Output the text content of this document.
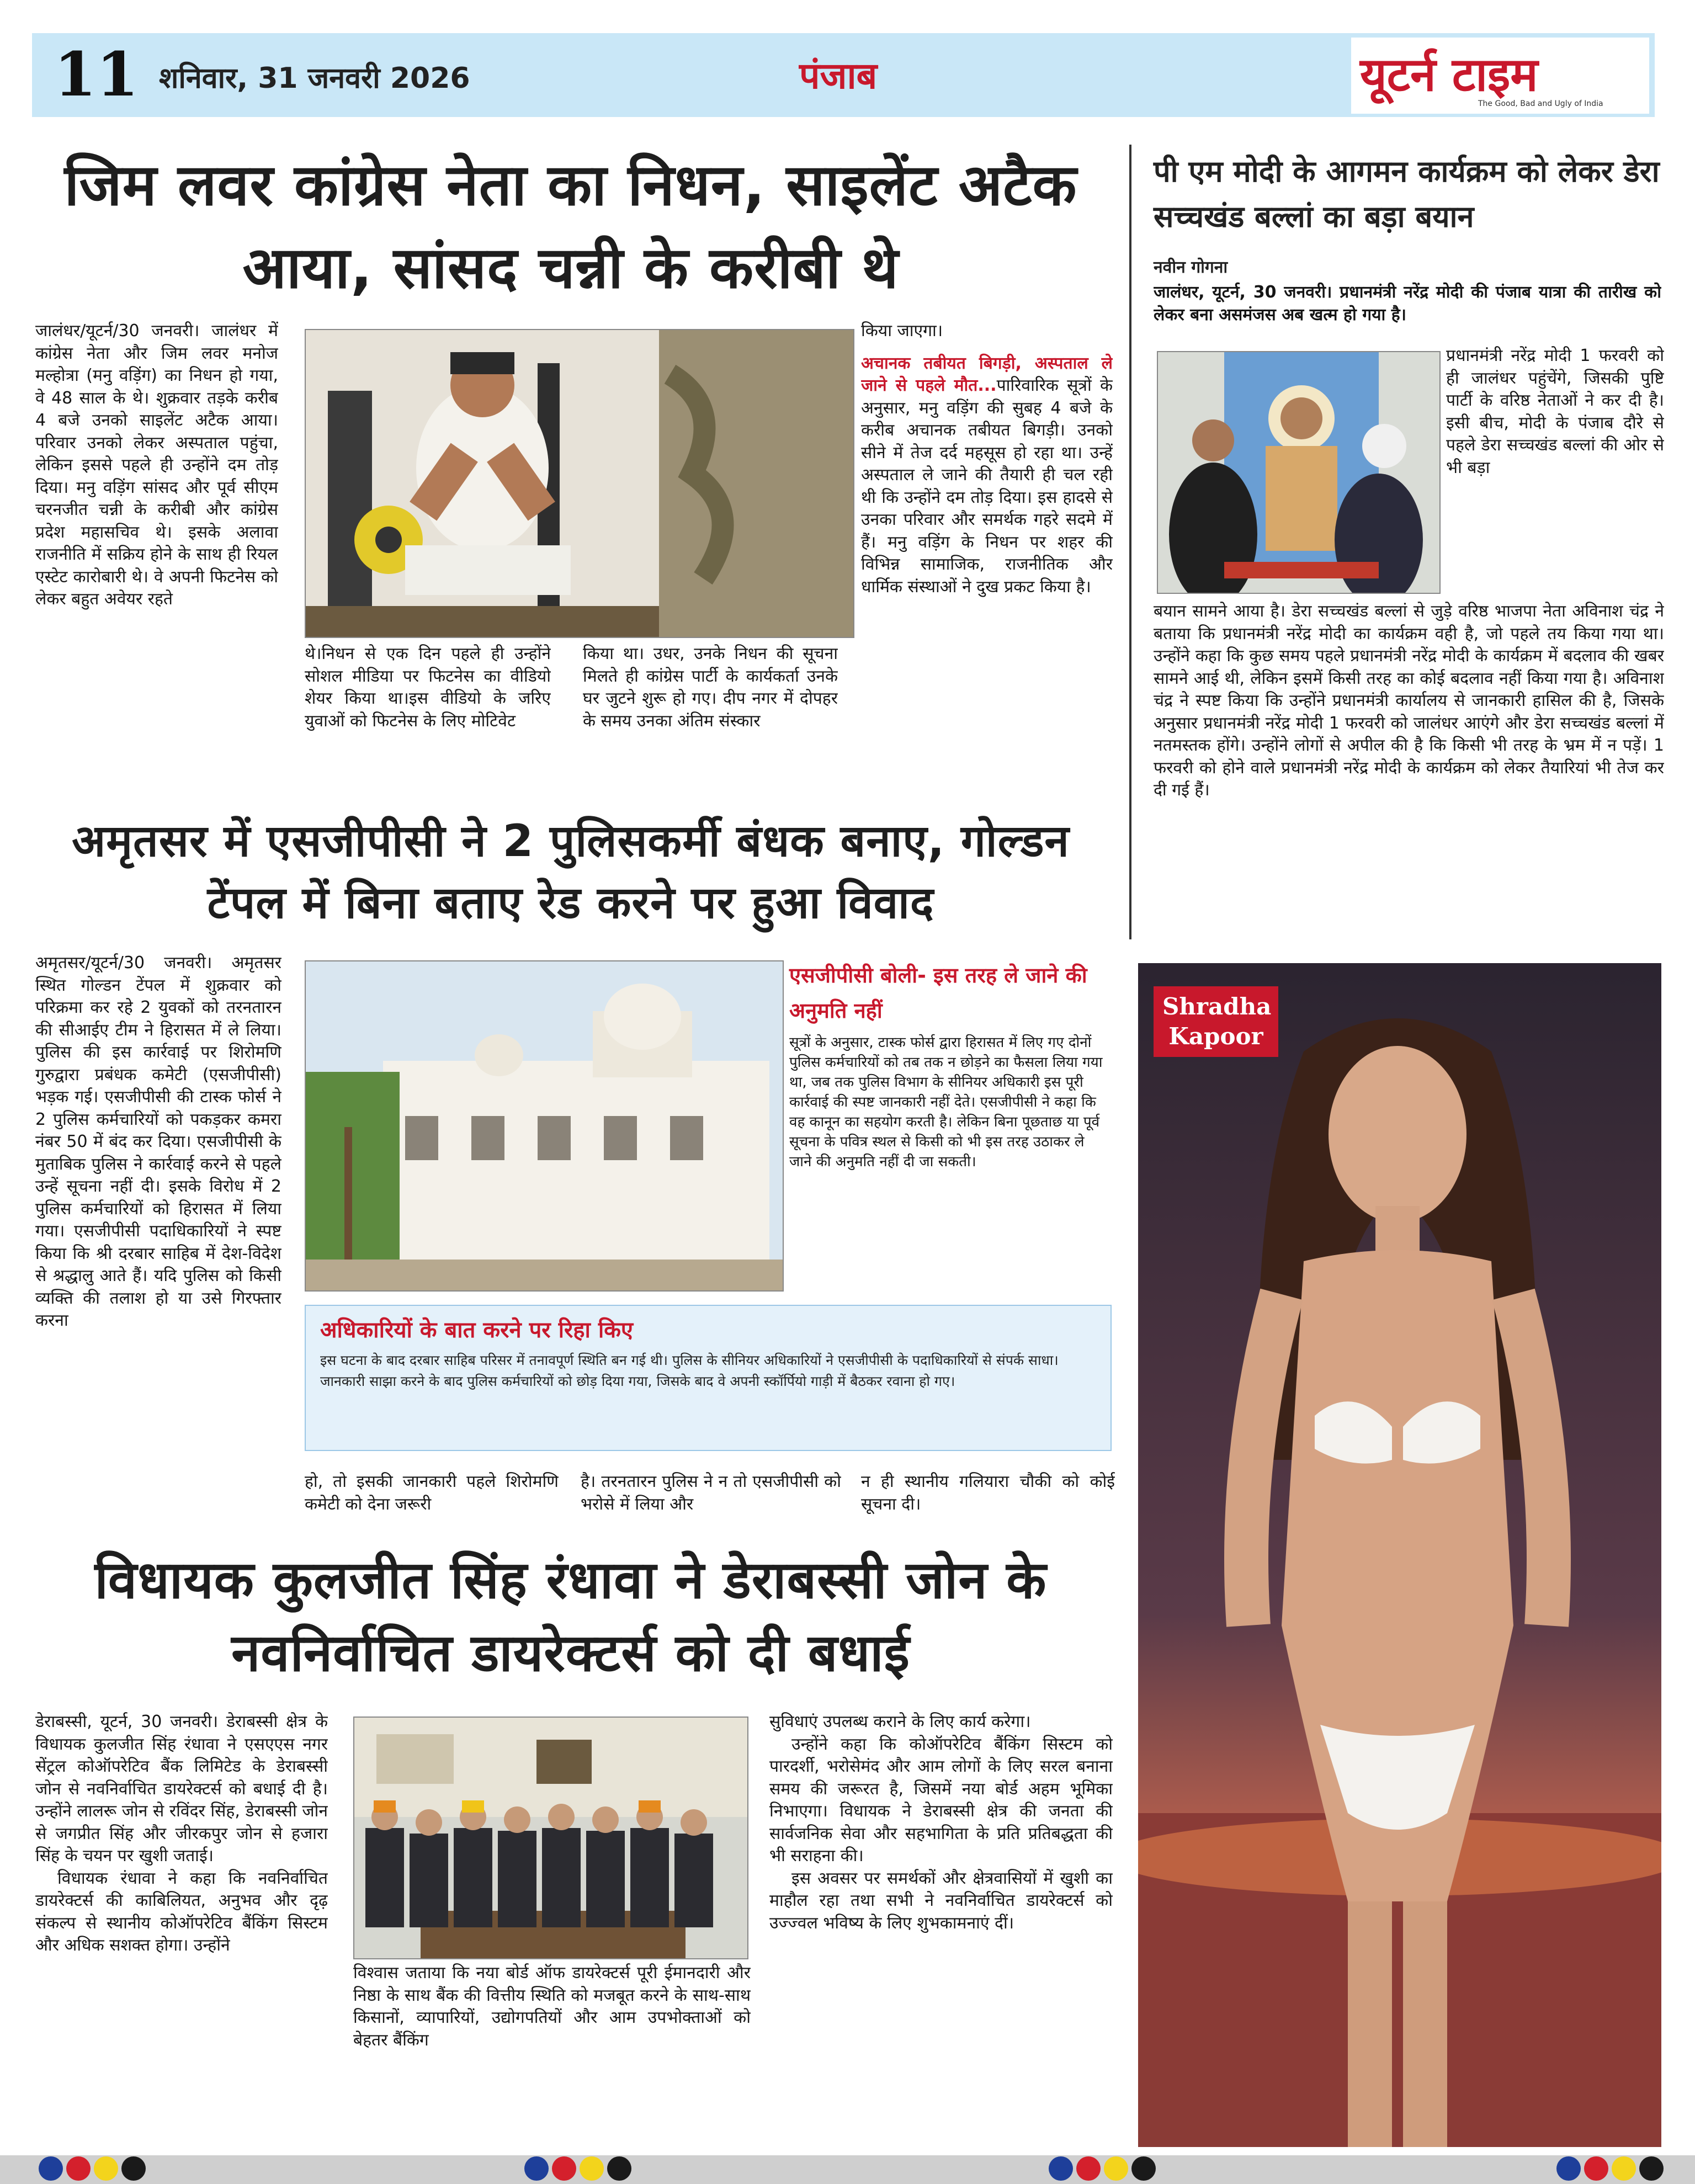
11 शनिवार, 31 जनवरी 2026	पंजाब	यूटर्न टाइम
The Good, Bad and Ugly of India
जिम लवर कांग्रेस नेता का निधन, साइलेंट अटैक आया, सांसद चन्नी के करीबी थे

जालंधर/यूटर्न/30 जनवरी। जालंधर में कांग्रेस नेता और जिम लवर मनोज मल्होत्रा (मनु वड़िंग) का निधन हो गया, वे 48 साल के थे। शुक्रवार तड़के करीब 4 बजे उनको साइलेंट अटैक आया। परिवार उनको लेकर अस्पताल पहुंचा, लेकिन इससे पहले ही उन्होंने दम तोड़ दिया। मनु वड़िंग सांसद और पूर्व सीएम चरनजीत चन्नी के करीबी और कांग्रेस प्रदेश महासचिव थे। इसके अलावा राजनीति में सक्रिय होने के साथ ही रियल एस्टेट कारोबारी थे। वे अपनी फिटनेस को लेकर बहुत अवेयर रहते

थे।निधन से एक दिन पहले ही उन्होंने सोशल मीडिया पर फिटनेस का वीडियो शेयर किया था।इस वीडियो के जरिए युवाओं को फिटनेस के लिए मोटिवेट

किया था। उधर, उनके निधन की सूचना मिलते ही कांग्रेस पार्टी के कार्यकर्ता उनके घर जुटने शुरू हो गए। दीप नगर में दोपहर के समय उनका अंतिम संस्कार

किया जाएगा।

अचानक तबीयत बिगड़ी, अस्पताल ले जाने से पहले मौत...पारिवारिक सूत्रों के अनुसार, मनु वड़िंग की सुबह 4 बजे के करीब अचानक तबीयत बिगड़ी। उनको सीने में तेज दर्द महसूस हो रहा था। उन्हें अस्पताल ले जाने की तैयारी ही चल रही थी कि उन्होंने दम तोड़ दिया। इस हादसे से उनका परिवार और समर्थक गहरे सदमे में हैं। मनु वड़िंग के निधन पर शहर की विभिन्न सामाजिक, राजनीतिक और धार्मिक संस्थाओं ने दुख प्रकट किया है।

पी एम मोदी के आगमन कार्यक्रम को लेकर डेरा सच्चखंड बल्लां का बड़ा बयान
नवीन गोगना

जालंधर, यूटर्न, 30 जनवरी। प्रधानमंत्री नरेंद्र मोदी की पंजाब यात्रा की तारीख को लेकर बना असमंजस अब खत्म हो गया है।

प्रधानमंत्री नरेंद्र मोदी 1 फरवरी को ही जालंधर पहुंचेंगे, जिसकी पुष्टि पार्टी के वरिष्ठ नेताओं ने कर दी है। इसी बीच, मोदी के पंजाब दौरे से पहले डेरा सच्चखंड बल्लां की ओर से भी बड़ा

बयान सामने आया है। डेरा सच्चखंड बल्लां से जुड़े वरिष्ठ भाजपा नेता अविनाश चंद्र ने बताया कि प्रधानमंत्री नरेंद्र मोदी का कार्यक्रम वही है, जो पहले तय किया गया था। उन्होंने कहा कि कुछ समय पहले प्रधानमंत्री नरेंद्र मोदी के कार्यक्रम में बदलाव की खबर सामने आई थी, लेकिन इसमें किसी तरह का कोई बदलाव नहीं किया गया है। अविनाश चंद्र ने स्पष्ट किया कि उन्होंने प्रधानमंत्री कार्यालय से जानकारी हासिल की है, जिसके अनुसार प्रधानमंत्री नरेंद्र मोदी 1 फरवरी को जालंधर आएंगे और डेरा सच्चखंड बल्लां में नतमस्तक होंगे। उन्होंने लोगों से अपील की है कि किसी भी तरह के भ्रम में न पड़ें। 1 फरवरी को होने वाले प्रधानमंत्री नरेंद्र मोदी के कार्यक्रम को लेकर तैयारियां भी तेज कर दी गई हैं।

अमृतसर में एसजीपीसी ने 2 पुलिसकर्मी बंधक बनाए, गोल्डन टेंपल में बिना बताए रेड करने पर हुआ विवाद

अमृतसर/यूटर्न/30 जनवरी। अमृतसर स्थित गोल्डन टेंपल में शुक्रवार को परिक्रमा कर रहे 2 युवकों को तरनतारन की सीआईए टीम ने हिरासत में ले लिया। पुलिस की इस कार्रवाई पर शिरोमणि गुरुद्वारा प्रबंधक कमेटी (एसजीपीसी) भड़क गई। एसजीपीसी की टास्क फोर्स ने 2 पुलिस कर्मचारियों को पकड़कर कमरा नंबर 50 में बंद कर दिया। एसजीपीसी के मुताबिक पुलिस ने कार्रवाई करने से पहले उन्हें सूचना नहीं दी। इसके विरोध में 2 पुलिस कर्मचारियों को हिरासत में लिया गया। एसजीपीसी पदाधिकारियों ने स्पष्ट किया कि श्री दरबार साहिब में देश-विदेश से श्रद्धालु आते हैं। यदि पुलिस को किसी व्यक्ति की तलाश हो या उसे गिरफ्तार करना

एसजीपीसी बोली- इस तरह ले जाने की अनुमति नहीं

सूत्रों के अनुसार, टास्क फोर्स द्वारा हिरासत में लिए गए दोनों पुलिस कर्मचारियों को तब तक न छोड़ने का फैसला लिया गया था, जब तक पुलिस विभाग के सीनियर अधिकारी इस पूरी कार्रवाई की स्पष्ट जानकारी नहीं देते। एसजीपीसी ने कहा कि वह कानून का सहयोग करती है। लेकिन बिना पूछताछ या पूर्व सूचना के पवित्र स्थल से किसी को भी इस तरह उठाकर ले जाने की अनुमति नहीं दी जा सकती।

अधिकारियों के बात करने पर रिहा किए
इस घटना के बाद दरबार साहिब परिसर में तनावपूर्ण स्थिति बन गई थी। पुलिस के सीनियर अधिकारियों ने एसजीपीसी के पदाधिकारियों से संपर्क साधा। जानकारी साझा करने के बाद पुलिस कर्मचारियों को छोड़ दिया गया, जिसके बाद वे अपनी स्कॉर्पियो गाड़ी में बैठकर रवाना हो गए।

हो, तो इसकी जानकारी पहले शिरोमणि कमेटी को देना जरूरी

है। तरनतारन पुलिस ने न तो एसजीपीसी को भरोसे में लिया और

न ही स्थानीय गलियारा चौकी को कोई सूचना दी।

Shradha
Kapoor
विधायक कुलजीत सिंह रंधावा ने डेराबस्सी जोन के नवनिर्वाचित डायरेक्टर्स को दी बधाई

डेराबस्सी, यूटर्न, 30 जनवरी। डेराबस्सी क्षेत्र के विधायक कुलजीत सिंह रंधावा ने एसएएस नगर सेंट्रल कोऑपरेटिव बैंक लिमिटेड के डेराबस्सी जोन से नवनिर्वाचित डायरेक्टर्स को बधाई दी है। उन्होंने लालरू जोन से रविंदर सिंह, डेराबस्सी जोन से जगप्रीत सिंह और जीरकपुर जोन से हजारा सिंह के चयन पर खुशी जताई।

विधायक रंधावा ने कहा कि नवनिर्वाचित डायरेक्टर्स की काबिलियत, अनुभव और दृढ़ संकल्प से स्थानीय कोऑपरेटिव बैंकिंग सिस्टम और अधिक सशक्त होगा। उन्होंने

विश्वास जताया कि नया बोर्ड ऑफ डायरेक्टर्स पूरी ईमानदारी और निष्ठा के साथ बैंक की वित्तीय स्थिति को मजबूत करने के साथ-साथ किसानों, व्यापारियों, उद्योगपतियों और आम उपभोक्ताओं को बेहतर बैंकिंग

सुविधाएं उपलब्ध कराने के लिए कार्य करेगा।

उन्होंने कहा कि कोऑपरेटिव बैंकिंग सिस्टम को पारदर्शी, भरोसेमंद और आम लोगों के लिए सरल बनाना समय की जरूरत है, जिसमें नया बोर्ड अहम भूमिका निभाएगा। विधायक ने डेराबस्सी क्षेत्र की जनता की सार्वजनिक सेवा और सहभागिता के प्रति प्रतिबद्धता की भी सराहना की।

इस अवसर पर समर्थकों और क्षेत्रवासियों में खुशी का माहौल रहा तथा सभी ने नवनिर्वाचित डायरेक्टर्स को उज्ज्वल भविष्य के लिए शुभकामनाएं दीं।
